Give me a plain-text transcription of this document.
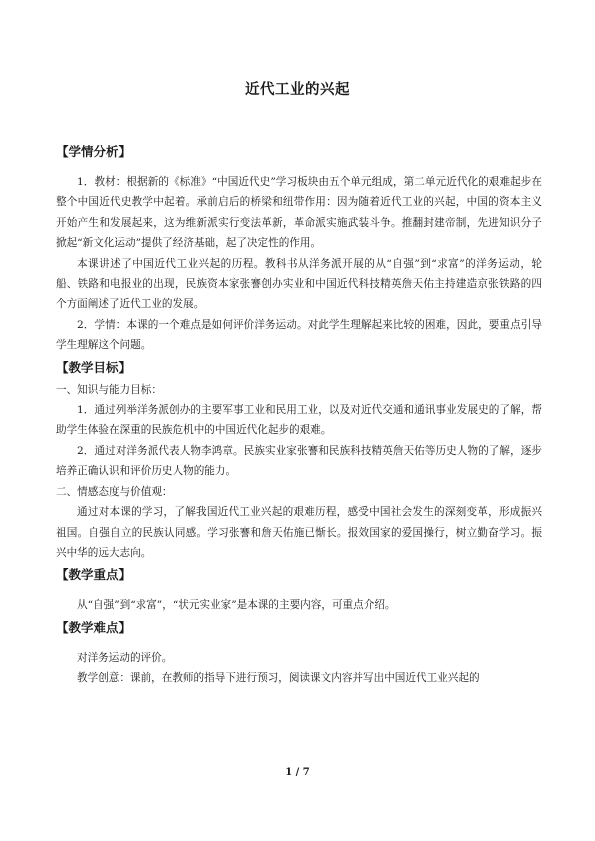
近代工业的兴起
【学情分析】

1．教材：根据新的《标准》“中国近代史”学习板块由五个单元组成，第二单元近代化的艰难起步在整个中国近代史教学中起着。承前启后的桥梁和纽带作用：因为随着近代工业的兴起，中国的资本主义开始产生和发展起来，这为维新派实行变法革新，革命派实施武装斗争。推翻封建帝制，先进知识分子掀起“新文化运动”提供了经济基础，起了决定性的作用。

本课讲述了中国近代工业兴起的历程。教科书从洋务派开展的从“自强”到“求富”的洋务运动，轮船、铁路和电报业的出现，民族资本家张謇创办实业和中国近代科技精英詹天佑主持建造京张铁路的四个方面阐述了近代工业的发展。

2．学情：本课的一个难点是如何评价洋务运动。对此学生理解起来比较的困难，因此，要重点引导学生理解这个问题。

【教学目标】

一、知识与能力目标：

1．通过列举洋务派创办的主要军事工业和民用工业，以及对近代交通和通讯事业发展史的了解，帮助学生体验在深重的民族危机中的中国近代化起步的艰难。

2．通过对洋务派代表人物李鸿章。民族实业家张謇和民族科技精英詹天佑等历史人物的了解，逐步培养正确认识和评价历史人物的能力。

二、情感态度与价值观：

通过对本课的学习，了解我国近代工业兴起的艰难历程，感受中国社会发生的深刻变革，形成振兴祖国。自强自立的民族认同感。学习张謇和詹天佑施已惭长。报效国家的爱国操行，树立勤奋学习。振兴中华的远大志向。

【教学重点】

从“自强”到“求富”，“状元实业家”是本课的主要内容，可重点介绍。

【教学难点】

对洋务运动的评价。

教学创意：课前，在教师的指导下进行预习，阅读课文内容并写出中国近代工业兴起的

1 / 7
